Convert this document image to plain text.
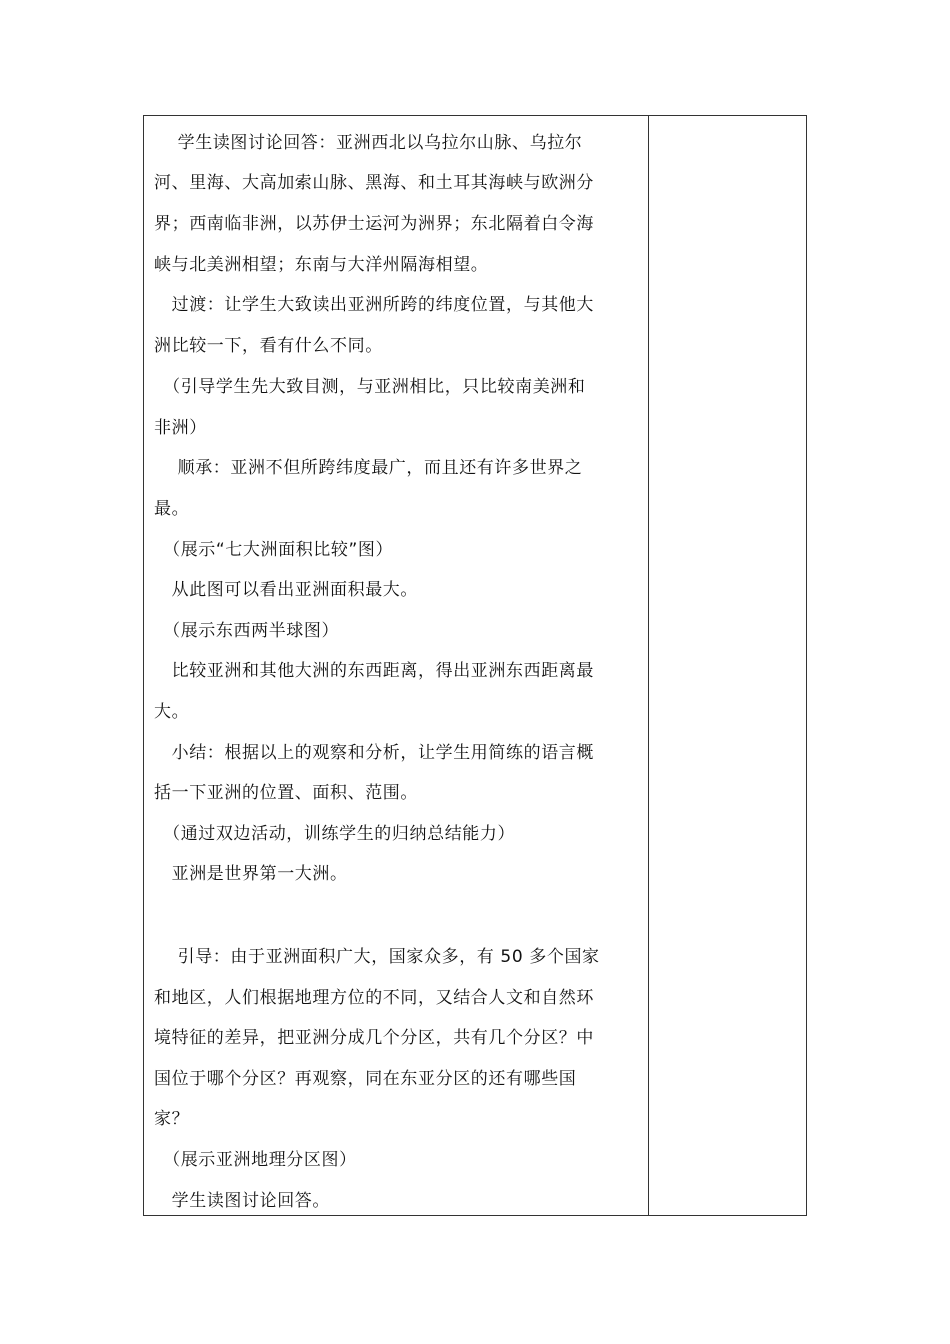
　 学生读图讨论回答：亚洲西北以乌拉尔山脉、乌拉尔
河、里海、大高加索山脉、黑海、和土耳其海峡与欧洲分
界；西南临非洲，以苏伊士运河为洲界；东北隔着白令海
峡与北美洲相望；东南与大洋州隔海相望。
　过渡：让学生大致读出亚洲所跨的纬度位置，与其他大
洲比较一下，看有什么不同。
　（引导学生先大致目测，与亚洲相比，只比较南美洲和
非洲）
　 顺承：亚洲不但所跨纬度最广，而且还有许多世界之
最。
　（展示“七大洲面积比较”图）
　从此图可以看出亚洲面积最大。
　（展示东西两半球图）
　比较亚洲和其他大洲的东西距离，得出亚洲东西距离最
大。
　小结：根据以上的观察和分析，让学生用简练的语言概
括一下亚洲的位置、面积、范围。
　（通过双边活动，训练学生的归纳总结能力）
　亚洲是世界第一大洲。
　 引导：由于亚洲面积广大，国家众多，有 50 多个国家
和地区，人们根据地理方位的不同，又结合人文和自然环
境特征的差异，把亚洲分成几个分区，共有几个分区？中
国位于哪个分区？再观察，同在东亚分区的还有哪些国
家？
　（展示亚洲地理分区图）
　学生读图讨论回答。
